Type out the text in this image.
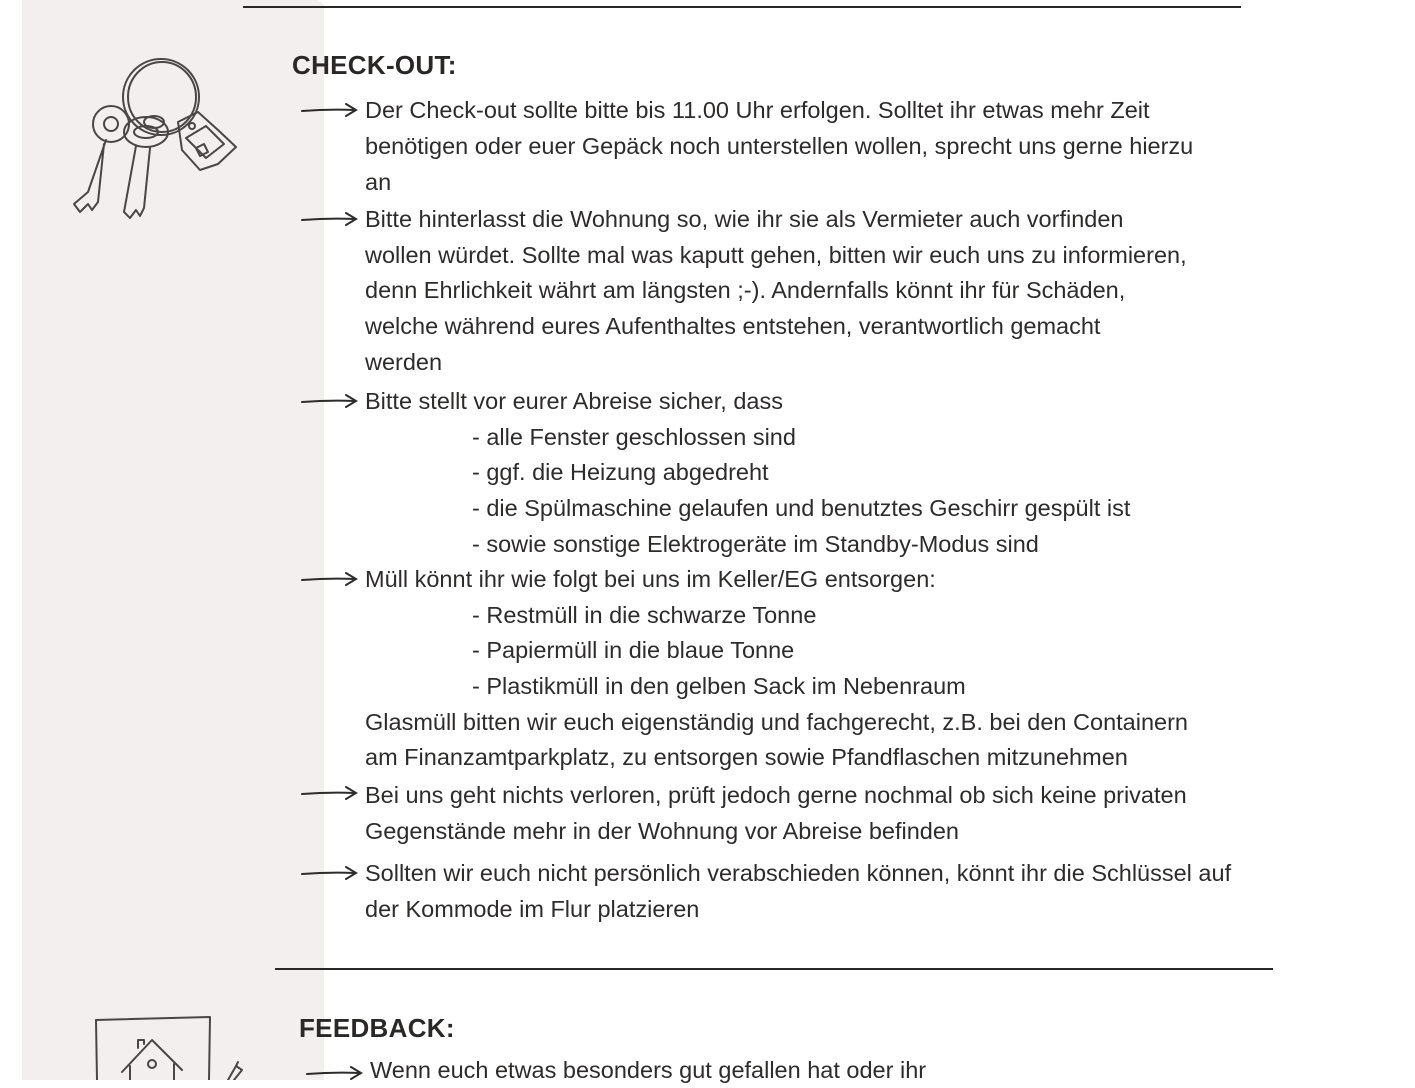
CHECK-OUT:
Der Check-out sollte bitte bis 11.00 Uhr erfolgen. Solltet ihr etwas mehr Zeit
benötigen oder euer Gepäck noch unterstellen wollen, sprecht uns gerne hierzu
an
Bitte hinterlasst die Wohnung so, wie ihr sie als Vermieter auch vorfinden
wollen würdet. Sollte mal was kaputt gehen, bitten wir euch uns zu informieren,
denn Ehrlichkeit währt am längsten ;-). Andernfalls könnt ihr für Schäden,
welche während eures Aufenthaltes entstehen, verantwortlich gemacht
werden
Bitte stellt vor eurer Abreise sicher, dass
- alle Fenster geschlossen sind
- ggf. die Heizung abgedreht
- die Spülmaschine gelaufen und benutztes Geschirr gespült ist
- sowie sonstige Elektrogeräte im Standby-Modus sind
Müll könnt ihr wie folgt bei uns im Keller/EG entsorgen:
- Restmüll in die schwarze Tonne
- Papiermüll in die blaue Tonne
- Plastikmüll in den gelben Sack im Nebenraum
Glasmüll bitten wir euch eigenständig und fachgerecht, z.B. bei den Containern
am Finanzamtparkplatz, zu entsorgen sowie Pfandflaschen mitzunehmen
Bei uns geht nichts verloren, prüft jedoch gerne nochmal ob sich keine privaten
Gegenstände mehr in der Wohnung vor Abreise befinden
Sollten wir euch nicht persönlich verabschieden können, könnt ihr die Schlüssel auf
der Kommode im Flur platzieren
FEEDBACK:
Wenn euch etwas besonders gut gefallen hat oder ihr
